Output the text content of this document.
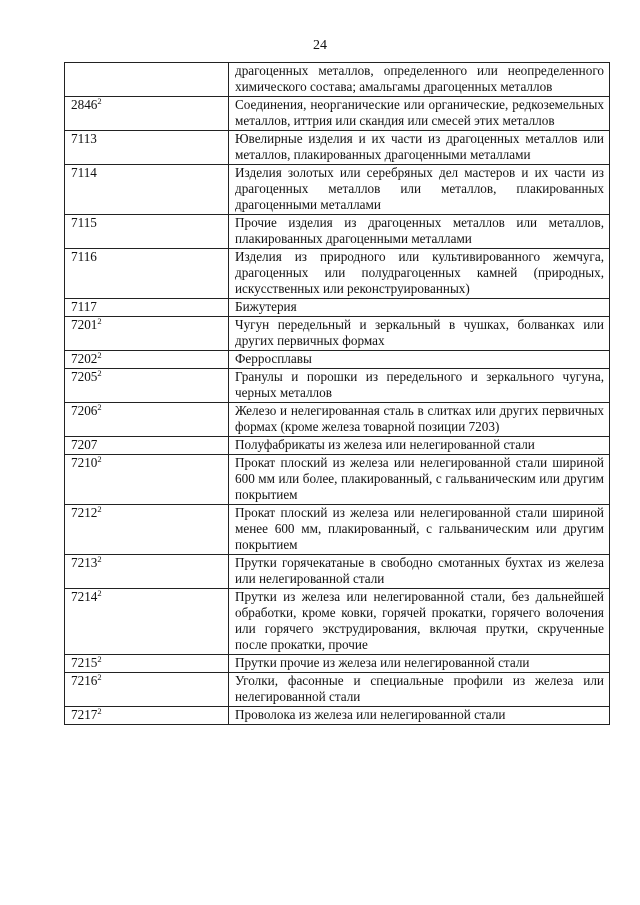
24
	драгоценных металлов, определенного или неопределенного химического состава; амальгамы драгоценных металлов
2846$^2$	Соединения, неорганические или органические, редкоземельных металлов, иттрия или скандия или смесей этих металлов
7113	Ювелирные изделия и их части из драгоценных металлов или металлов, плакированных драгоценными металлами
7114	Изделия золотых или серебряных дел мастеров и их части из драгоценных металлов или металлов, плакированных драгоценными металлами
7115	Прочие изделия из драгоценных металлов или металлов, плакированных драгоценными металлами
7116	Изделия из природного или культивированного жемчуга, драгоценных или полудрагоценных камней (природных, искусственных или реконструированных)
7117	Бижутерия
7201$^2$	Чугун передельный и зеркальный в чушках, болванках или других первичных формах
7202$^2$	Ферросплавы
7205$^2$	Гранулы и порошки из передельного и зеркального чугуна, черных металлов
7206$^2$	Железо и нелегированная сталь в слитках или других первичных формах (кроме железа товарной позиции 7203)
7207	Полуфабрикаты из железа или нелегированной стали
7210$^2$	Прокат плоский из железа или нелегированной стали шириной 600 мм или более, плакированный, с гальваническим или другим покрытием
7212$^2$	Прокат плоский из железа или нелегированной стали шириной менее 600 мм, плакированный, с гальваническим или другим покрытием
7213$^2$	Прутки горячекатаные в свободно смотанных бухтах из железа или нелегированной стали
7214$^2$	Прутки из железа или нелегированной стали, без дальнейшей обработки, кроме ковки, горячей прокатки, горячего волочения или горячего экструдирования, включая прутки, скрученные после прокатки, прочие
7215$^2$	Прутки прочие из железа или нелегированной стали
7216$^2$	Уголки, фасонные и специальные профили из железа или нелегированной стали
7217$^2$	Проволока из железа или нелегированной стали
